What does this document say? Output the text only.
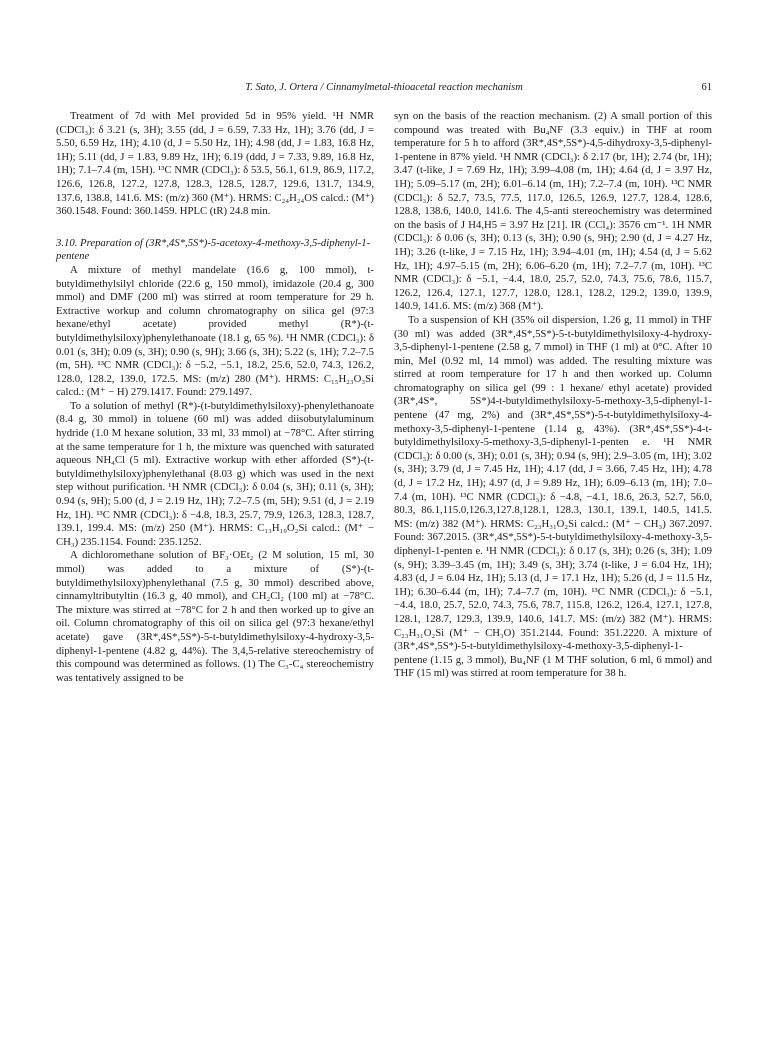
T. Sato, J. Ortera / Cinnamylmetal-thioacetal reaction mechanism	61

Treatment of 7d with MeI provided 5d in 95% yield. ¹H NMR (CDCl₃): δ 3.21 (s, 3H); 3.55 (dd, J = 6.59, 7.33 Hz, 1H); 3.76 (dd, J = 5.50, 6.59 Hz, 1H); 4.10 (d, J = 5.50 Hz, 1H); 4.98 (dd, J = 1.83, 16.8 Hz, 1H); 5.11 (dd, J = 1.83, 9.89 Hz, 1H); 6.19 (ddd, J = 7.33, 9.89, 16.8 Hz, 1H); 7.1–7.4 (m, 15H). ¹³C NMR (CDCl₃): δ 53.5, 56.1, 61.9, 86.9, 117.2, 126.6, 126.8, 127.2, 127.8, 128.3, 128.5, 128.7, 129.6, 131.7, 134.9, 137.6, 138.8, 141.6. MS: (m/z) 360 (M⁺). HRMS: C₂₄H₂₄OS calcd.: (M⁺) 360.1548. Found: 360.1459. HPLC (tR) 24.8 min.

3.10. Preparation of (3R*,4S*,5S*)-5-acetoxy-4-methoxy-3,5-diphenyl-1-pentene

A mixture of methyl mandelate (16.6 g, 100 mmol), t-butyldimethylsilyl chloride (22.6 g, 150 mmol), imidazole (20.4 g, 300 mmol) and DMF (200 ml) was stirred at room temperature for 29 h. Extractive workup and column chromatography on silica gel (97:3 hexane/ethyl acetate) provided methyl (R*)-(t-butyldimethylsiloxy)phenylethanoate (18.1 g, 65 %). ¹H NMR (CDCl₃): δ 0.01 (s, 3H); 0.09 (s, 3H); 0.90 (s, 9H); 3.66 (s, 3H); 5.22 (s, 1H); 7.2–7.5 (m, 5H). ¹³C NMR (CDCl₃): δ −5.2, −5.1, 18.2, 25.6, 52.0, 74.3, 126.2, 128.0, 128.2, 139.0, 172.5. MS: (m/z) 280 (M⁺). HRMS: C₁₅H₂₃O₃Si calcd.: (M⁺ − H) 279.1417. Found: 279.1497.

To a solution of methyl (R*)-(t-butyldimethylsiloxy)-phenylethanoate (8.4 g, 30 mmol) in toluene (60 ml) was added diisobutylaluminum hydride (1.0 M hexane solution, 33 ml, 33 mmol) at −78°C. After stirring at the same temperature for 1 h, the mixture was quenched with saturated aqueous NH₄Cl (5 ml). Extractive workup with ether afforded (S*)-(t-butyldimethylsiloxy)phenylethanal (8.03 g) which was used in the next step without purification. ¹H NMR (CDCl₃): δ 0.04 (s, 3H); 0.11 (s, 3H); 0.94 (s, 9H); 5.00 (d, J = 2.19 Hz, 1H); 7.2–7.5 (m, 5H); 9.51 (d, J = 2.19 Hz, 1H). ¹³C NMR (CDCl₃): δ −4.8, 18.3, 25.7, 79.9, 126.3, 128.3, 128.7, 139.1, 199.4. MS: (m/z) 250 (M⁺). HRMS: C₁₃H₁₉O₂Si calcd.: (M⁺ − CH₃) 235.1154. Found: 235.1252.

A dichloromethane solution of BF₃·OEt₂ (2 M solution, 15 ml, 30 mmol) was added to a mixture of (S*)-(t-butyldimethylsiloxy)phenylethanal (7.5 g, 30 mmol) described above, cinnamyltributyltin (16.3 g, 40 mmol), and CH₂Cl₂ (100 ml) at −78°C. The mixture was stirred at −78°C for 2 h and then worked up to give an oil. Column chromatography of this oil on silica gel (97:3 hexane/ethyl acetate) gave (3R*,4S*,5S*)-5-t-butyldimethylsiloxy-4-hydroxy-3,5-diphenyl-1-pentene (4.82 g, 44%). The 3,4,5-relative stereochemistry of this compound was determined as follows. (1) The C₃-C₄ stereochemistry was tentatively assigned to be

syn on the basis of the reaction mechanism. (2) A small portion of this compound was treated with Bu₄NF (3.3 equiv.) in THF at room temperature for 5 h to afford (3R*,4S*,5S*)-4,5-dihydroxy-3,5-diphenyl-1-pentene in 87% yield. ¹H NMR (CDCl₃): δ 2.17 (br, 1H); 2.74 (br, 1H); 3.47 (t-like, J = 7.69 Hz, 1H); 3.99–4.08 (m, 1H); 4.64 (d, J = 3.97 Hz, 1H); 5.09–5.17 (m, 2H); 6.01–6.14 (m, 1H); 7.2–7.4 (m, 10H). ¹³C NMR (CDCl₃): δ 52.7, 73.5, 77.5, 117.0, 126.5, 126.9, 127.7, 128.4, 128.6, 128.8, 138.6, 140.0, 141.6. The 4,5-anti stereochemistry was determined on the basis of J H4,H5 = 3.97 Hz [21]. IR (CCl₄): 3576 cm⁻¹. 1H NMR (CDCl₃): δ 0.06 (s, 3H); 0.13 (s, 3H); 0.90 (s, 9H); 2.90 (d, J = 4.27 Hz, 1H); 3.26 (t-like, J = 7.15 Hz, 1H); 3.94–4.01 (m, 1H); 4.54 (d, J = 5.62 Hz, 1H); 4.97–5.15 (m, 2H); 6.06–6.20 (m, 1H); 7.2–7.7 (m, 10H). ¹³C NMR (CDCl₃): δ −5.1, −4.4, 18.0, 25.7, 52.0, 74.3, 75.6, 78.6, 115.7, 126.2, 126.4, 127.1, 127.7, 128.0, 128.1, 128.2, 129.2, 139.0, 139.9, 140.9, 141.6. MS: (m/z) 368 (M⁺).

To a suspension of KH (35% oil dispersion, 1.26 g, 11 mmol) in THF (30 ml) was added (3R*,4S*,5S*)-5-t-butyldimethylsiloxy-4-hydroxy-3,5-diphenyl-1-pentene (2.58 g, 7 mmol) in THF (1 ml) at 0°C. After 10 min, MeI (0.92 ml, 14 mmol) was added. The resulting mixture was stirred at room temperature for 17 h and then worked up. Column chromatography on silica gel (99 : 1 hexane/ ethyl acetate) provided (3R*,4S*, 5S*)4-t-butyldimethylsiloxy-5-methoxy-3,5-diphenyl-1-pentene (47 mg, 2%) and (3R*,4S*,5S*)-5-t-butyldimethylsiloxy-4-methoxy-3,5-diphenyl-1-pentene (1.14 g, 43%). (3R*,4S*,5S*)-4-t-butyldimethylsiloxy-5-methoxy-3,5-diphenyl-1-penten e. ¹H NMR (CDCl₃): δ 0.00 (s, 3H); 0.01 (s, 3H); 0.94 (s, 9H); 2.9–3.05 (m, 1H); 3.02 (s, 3H); 3.79 (d, J = 7.45 Hz, 1H); 4.17 (dd, J = 3.66, 7.45 Hz, 1H); 4.78 (d, J = 17.2 Hz, 1H); 4.97 (d, J = 9.89 Hz, 1H); 6.09–6.13 (m, 1H); 7.0–7.4 (m, 10H). ¹³C NMR (CDCl₃): δ −4.8, −4.1, 18.6, 26.3, 52.7, 56.0, 80.3, 86.1,115.0,126.3,127.8,128.1, 128.3, 130.1, 139.1, 140.5, 141.5. MS: (m/z) 382 (M⁺). HRMS: C₂₃H₃₁O₂Si calcd.: (M⁺ − CH₃) 367.2097. Found: 367.2015. (3R*,4S*,5S*)-5-t-butyldimethylsiloxy-4-methoxy-3,5-diphenyl-1-penten e. ¹H NMR (CDCl₃): δ 0.17 (s, 3H); 0.26 (s, 3H); 1.09 (s, 9H); 3.39–3.45 (m, 1H); 3.49 (s, 3H); 3.74 (t-like, J = 6.04 Hz, 1H); 4.83 (d, J = 6.04 Hz, 1H); 5.13 (d, J = 17.1 Hz, 1H); 5.26 (d, J = 11.5 Hz, 1H); 6.30–6.44 (m, 1H); 7.4–7.7 (m, 10H). ¹³C NMR (CDCl₃): δ −5.1, −4.4, 18.0, 25.7, 52.0, 74.3, 75.6, 78.7, 115.8, 126.2, 126.4, 127.1, 127.8, 128.1, 128.7, 129.3, 139.9, 140.6, 141.7. MS: (m/z) 382 (M⁺). HRMS: C₂₃H₃₁O₂Si (M⁺ − CH₃O) 351.2144. Found: 351.2220. A mixture of (3R*,4S*,5S*)-5-t-butyldimethylsiloxy-4-methoxy-3,5-diphenyl-1-pentene (1.15 g, 3 mmol), Bu₄NF (1 M THF solution, 6 ml, 6 mmol) and THF (15 ml) was stirred at room temperature for 38 h.
